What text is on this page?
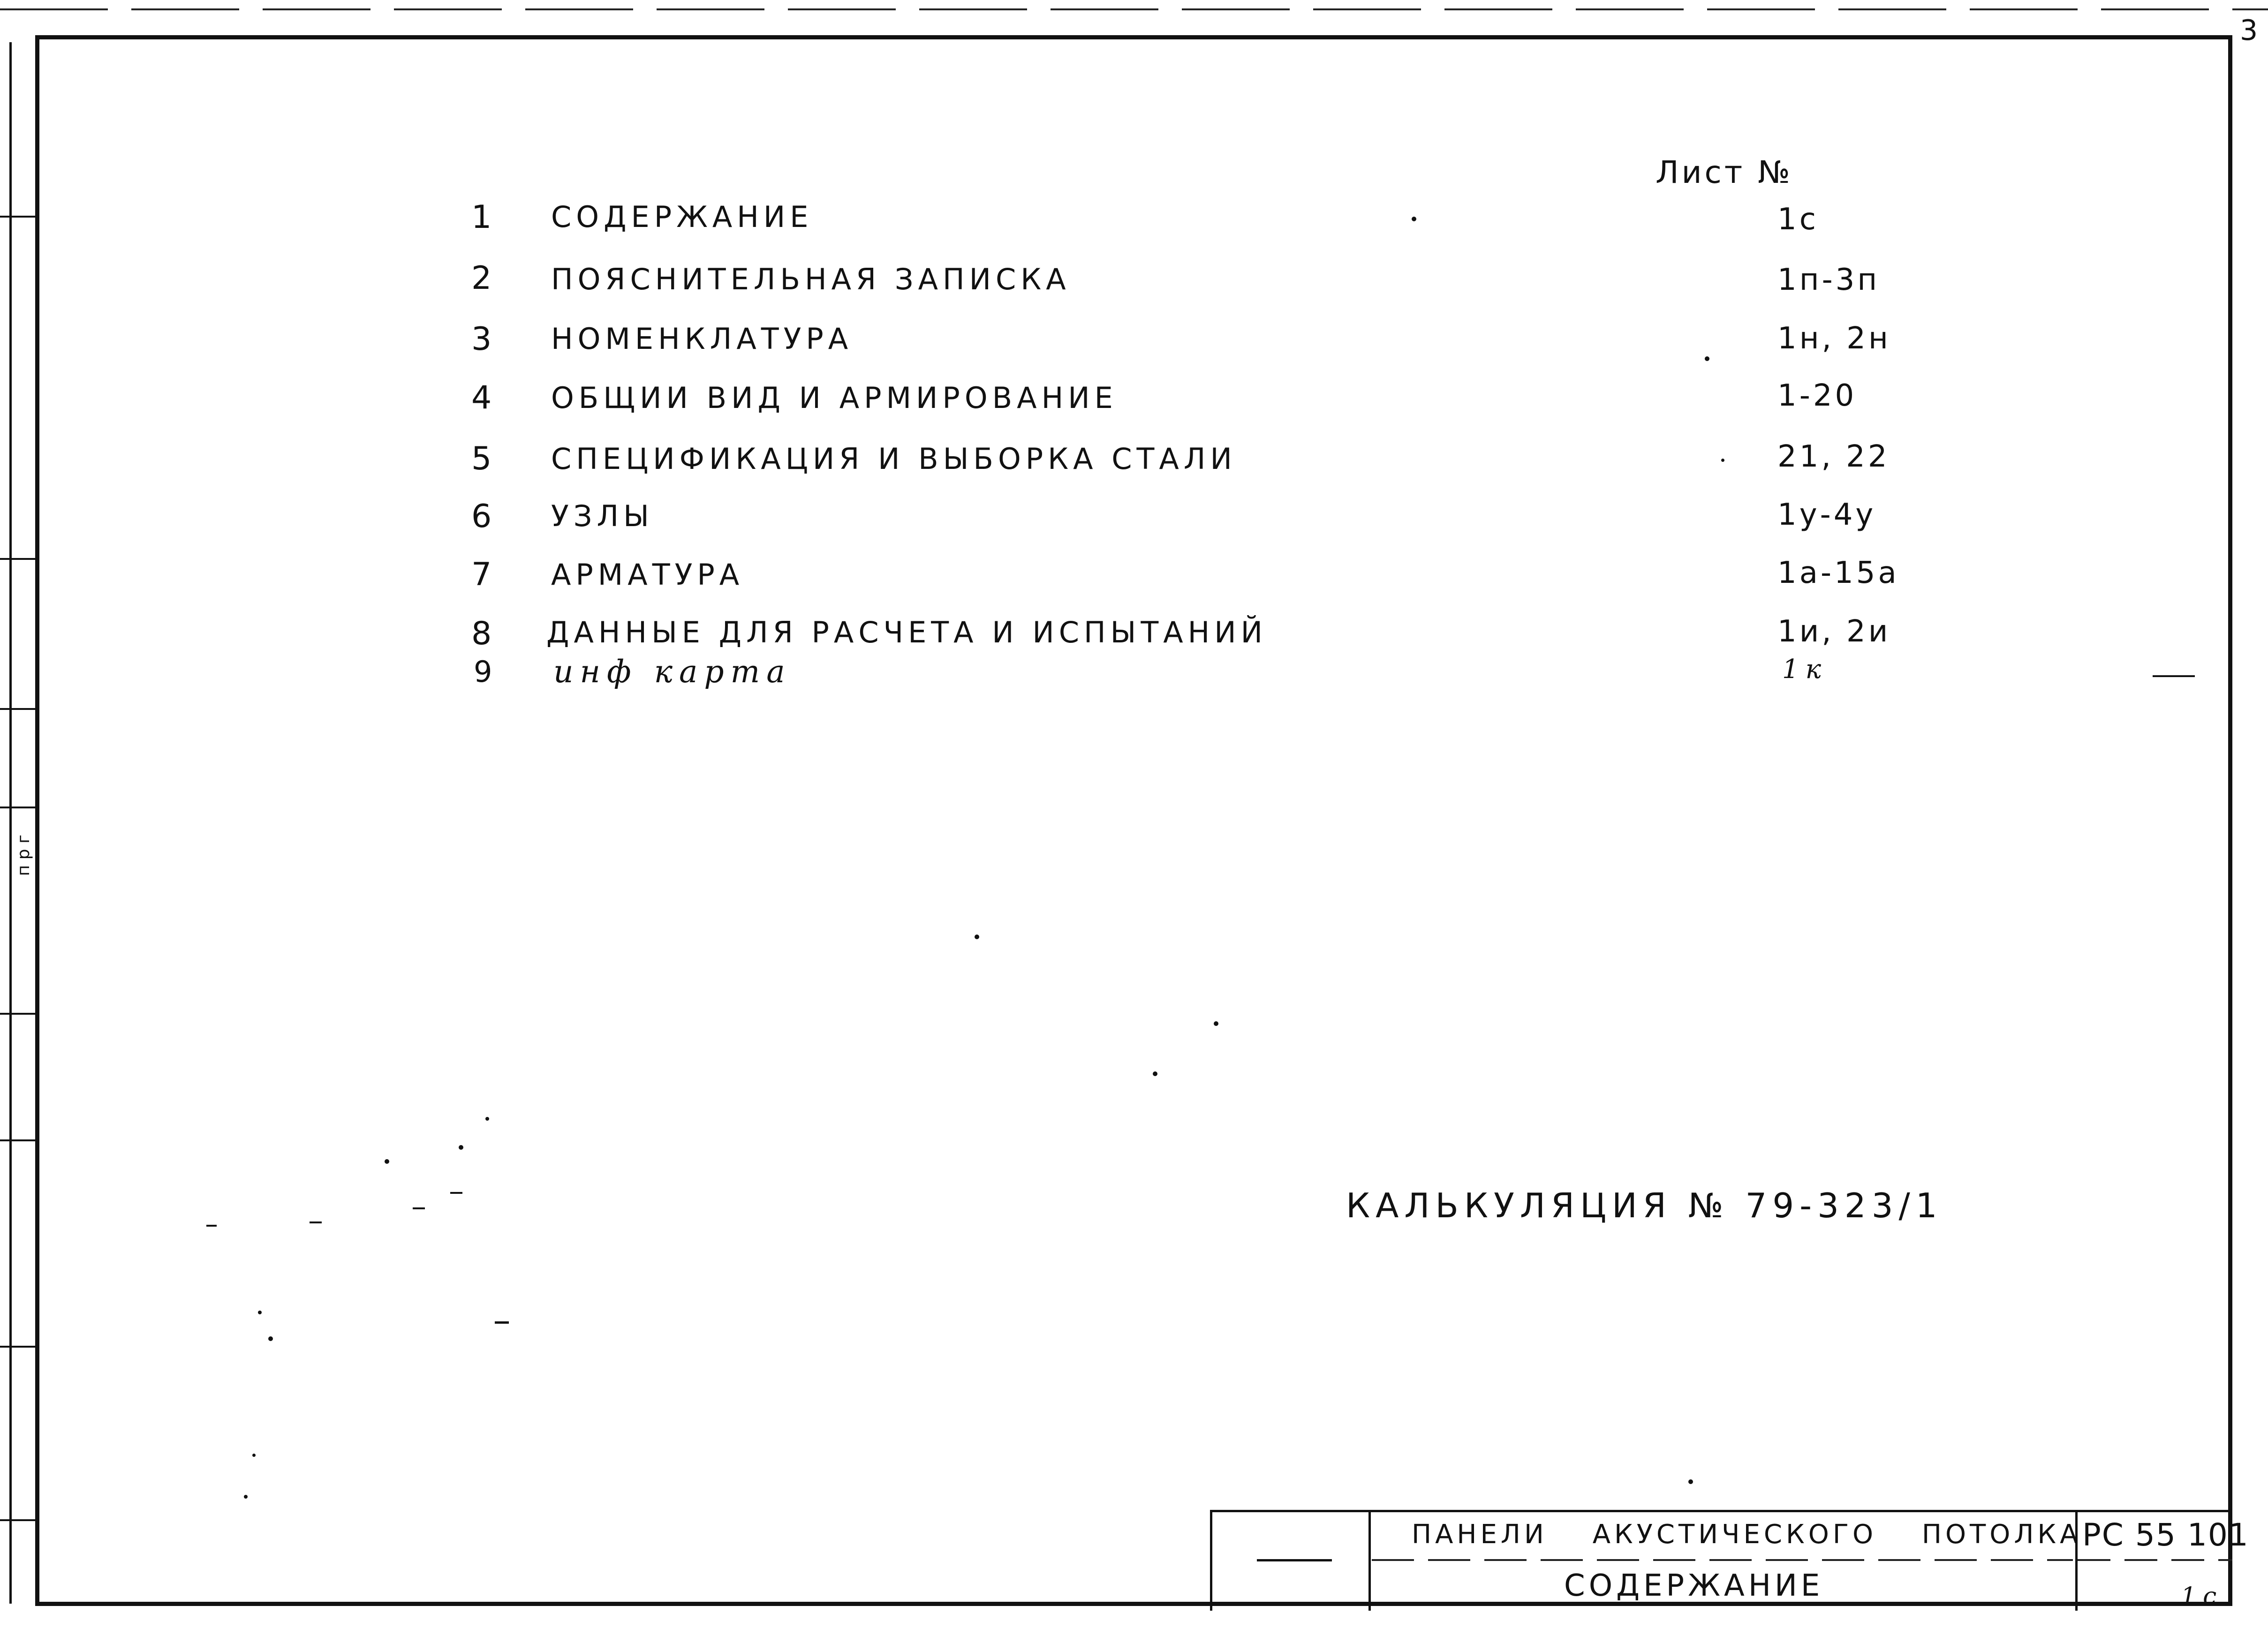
3
п р г
Лист №
1 СОДЕРЖАНИЕ	1с
2 ПОЯСНИТЕЛЬНАЯ ЗАПИСКА	1п-3п
3 НОМЕНКЛАТУРА	1н, 2н
4 ОБЩИИ ВИД И АРМИРОВАНИЕ	1-20
5 СПЕЦИФИКАЦИЯ И ВЫБОРКА СТАЛИ	21, 22
6 УЗЛЫ	1у-4у
7 АРМАТУРА	1а-15а
8 ДАННЫЕ ДЛЯ РАСЧЕТА И ИСПЫТАНИЙ	1и, 2и
9 инф карта	1к
КАЛЬКУЛЯЦИЯ № 79-323/1
ПАНЕЛИ АКУСТИЧЕСКОГО ПОТОЛКА
СОДЕРЖАНИЕ
РС 55 101
1с
